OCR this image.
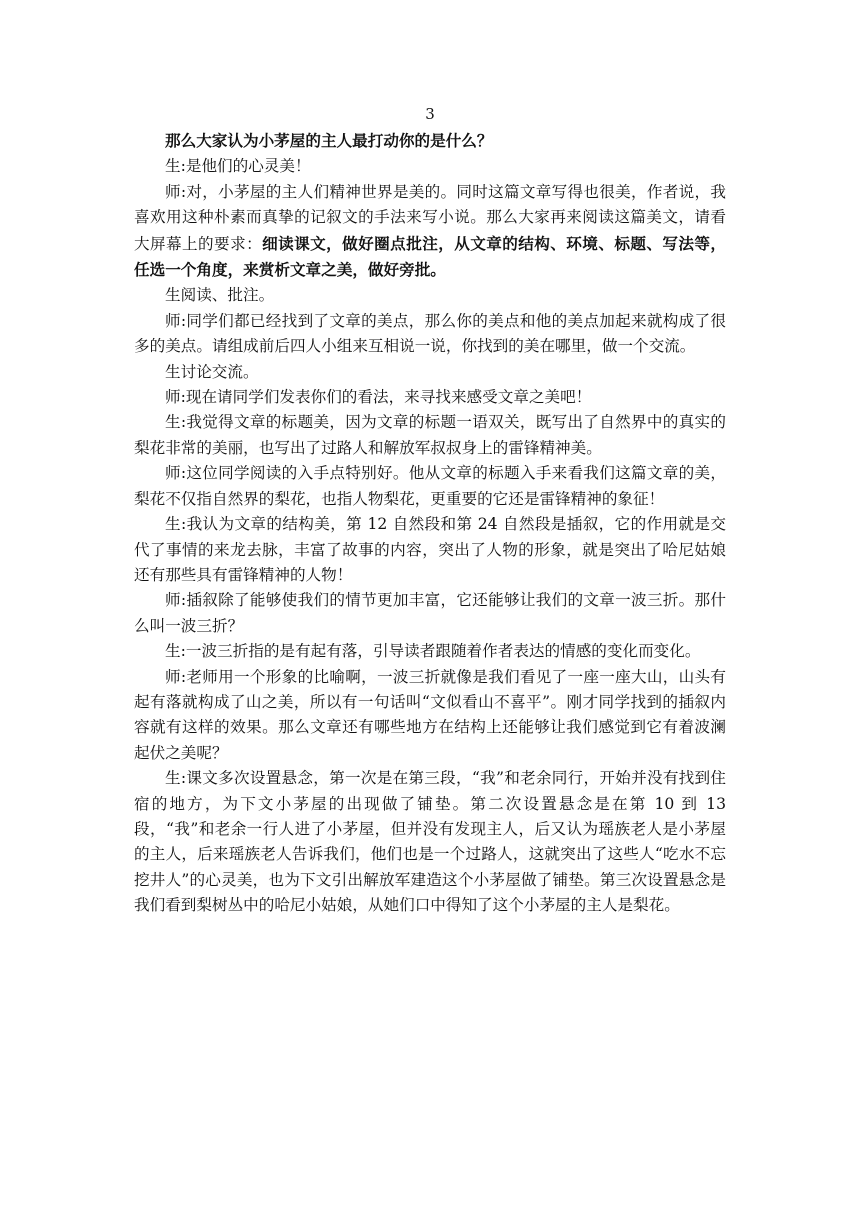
3

那么大家认为小茅屋的主人最打动你的是什么？

生:是他们的心灵美！

师:对，小茅屋的主人们精神世界是美的。同时这篇文章写得也很美，作者说，我喜欢用这种朴素而真挚的记叙文的手法来写小说。那么大家再来阅读这篇美文，请看大屏幕上的要求：细读课文，做好圈点批注，从文章的结构、环境、标题、写法等，任选一个角度，来赏析文章之美，做好旁批。

生阅读、批注。

师:同学们都已经找到了文章的美点，那么你的美点和他的美点加起来就构成了很多的美点。请组成前后四人小组来互相说一说，你找到的美在哪里，做一个交流。

生讨论交流。

师:现在请同学们发表你们的看法，来寻找来感受文章之美吧！

生:我觉得文章的标题美，因为文章的标题一语双关，既写出了自然界中的真实的梨花非常的美丽，也写出了过路人和解放军叔叔身上的雷锋精神美。

师:这位同学阅读的入手点特别好。他从文章的标题入手来看我们这篇文章的美，梨花不仅指自然界的梨花，也指人物梨花，更重要的它还是雷锋精神的象征！

生:我认为文章的结构美，第 12 自然段和第 24 自然段是插叙，它的作用就是交代了事情的来龙去脉，丰富了故事的内容，突出了人物的形象，就是突出了哈尼姑娘还有那些具有雷锋精神的人物！

师:插叙除了能够使我们的情节更加丰富，它还能够让我们的文章一波三折。那什么叫一波三折？

生:一波三折指的是有起有落，引导读者跟随着作者表达的情感的变化而变化。

师:老师用一个形象的比喻啊，一波三折就像是我们看见了一座一座大山，山头有起有落就构成了山之美，所以有一句话叫“文似看山不喜平”。刚才同学找到的插叙内容就有这样的效果。那么文章还有哪些地方在结构上还能够让我们感觉到它有着波澜起伏之美呢？

生:课文多次设置悬念，第一次是在第三段，“我”和老余同行，开始并没有找到住宿的地方，为下文小茅屋的出现做了铺垫。第二次设置悬念是在第 10 到 13 段，“我”和老余一行人进了小茅屋，但并没有发现主人，后又认为瑶族老人是小茅屋的主人，后来瑶族老人告诉我们，他们也是一个过路人，这就突出了这些人“吃水不忘挖井人”的心灵美，也为下文引出解放军建造这个小茅屋做了铺垫。第三次设置悬念是我们看到梨树丛中的哈尼小姑娘，从她们口中得知了这个小茅屋的主人是梨花。
